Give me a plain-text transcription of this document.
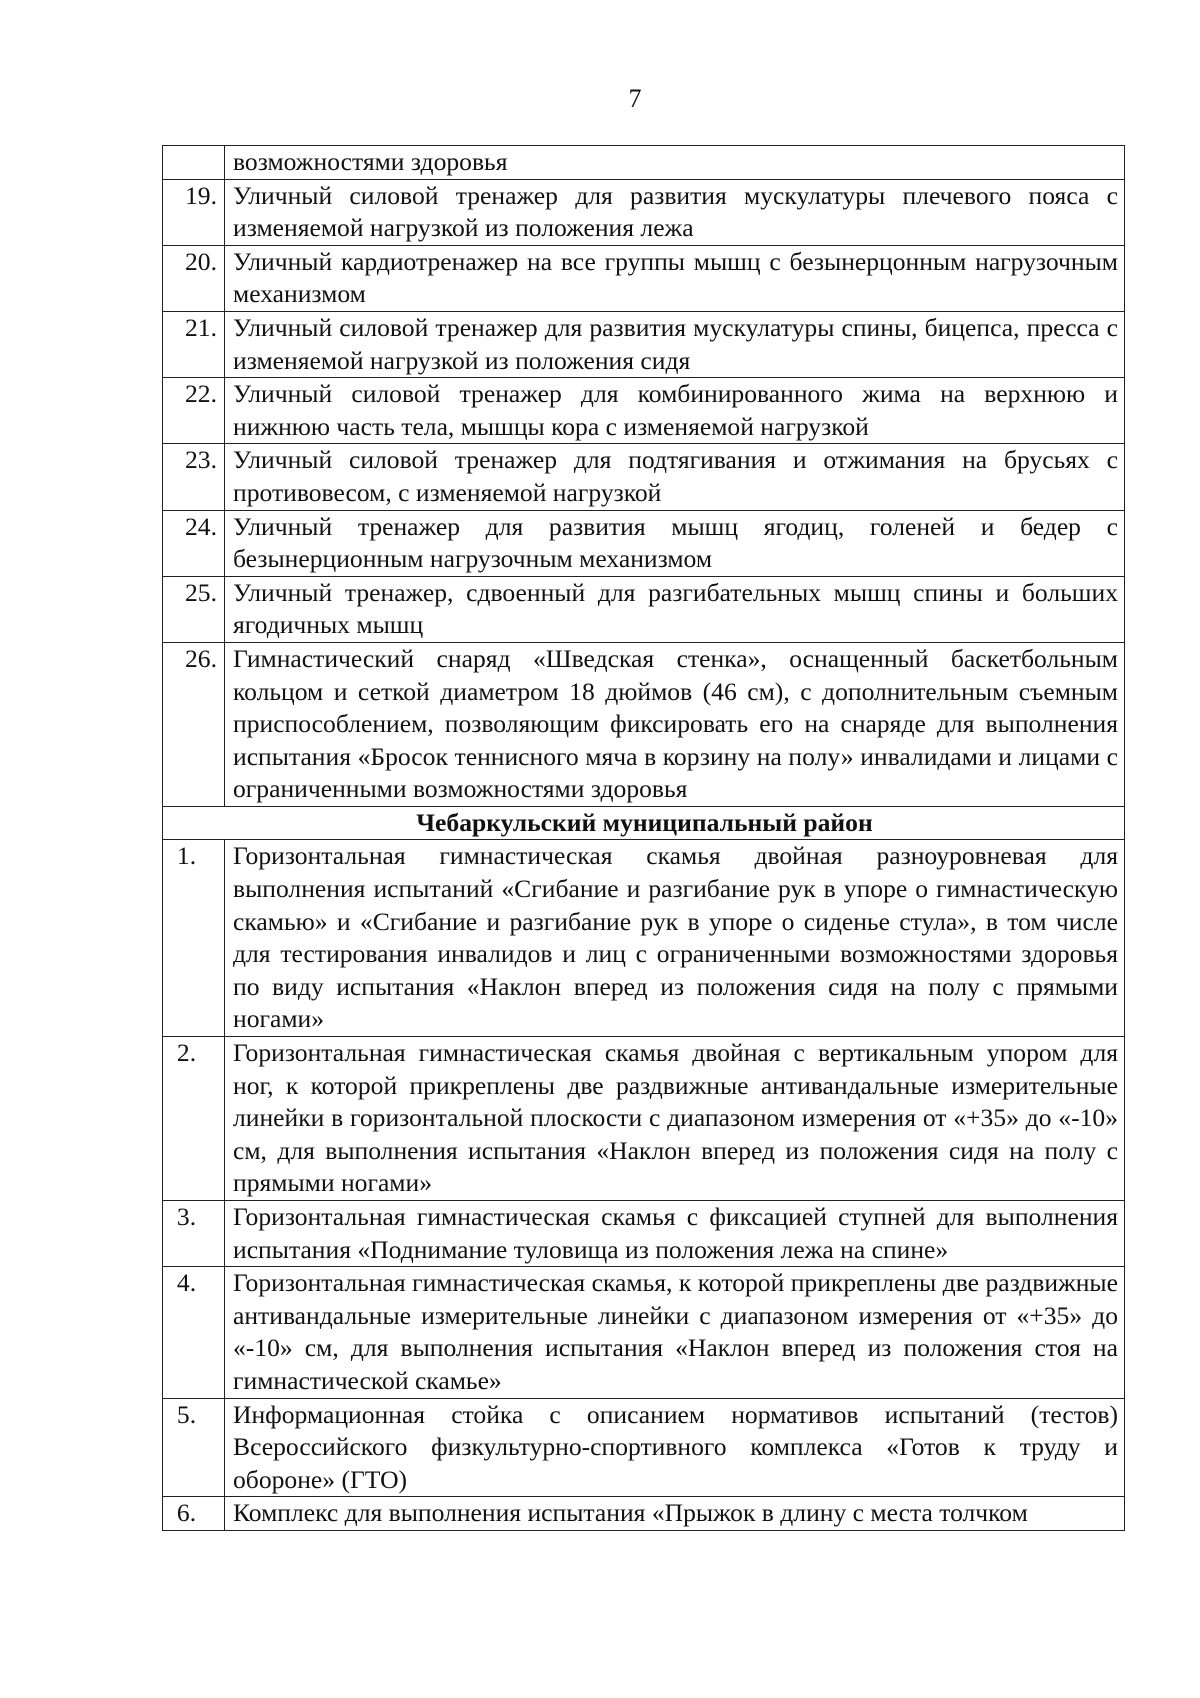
7
	возможностями здоровья
19.	Уличный силовой тренажер для развития мускулатуры плечевого пояса с изменяемой нагрузкой из положения лежа
20.	Уличный кардиотренажер на все группы мышц с безынерцонным нагрузочным механизмом
21.	Уличный силовой тренажер для развития мускулатуры спины, бицепса, пресса с изменяемой нагрузкой из положения сидя
22.	Уличный силовой тренажер для комбинированного жима на верхнюю и нижнюю часть тела, мышцы кора с изменяемой нагрузкой
23.	Уличный силовой тренажер для подтягивания и отжимания на брусьях с противовесом, с изменяемой нагрузкой
24.	Уличный тренажер для развития мышц ягодиц, голеней и бедер с безынерционным нагрузочным механизмом
25.	Уличный тренажер, сдвоенный для разгибательных мышц спины и больших ягодичных мышц
26.	Гимнастический снаряд «Шведская стенка», оснащенный баскетбольным кольцом и сеткой диаметром 18 дюймов (46 см), с дополнительным съемным приспособлением, позволяющим фиксировать его на снаряде для выполнения испытания «Бросок теннисного мяча в корзину на полу» инвалидами и лицами с ограниченными возможностями здоровья
Чебаркульский муниципальный район	
1.	Горизонтальная гимнастическая скамья двойная разноуровневая для выполнения испытаний «Сгибание и разгибание рук в упоре о гимнастическую скамью» и «Сгибание и разгибание рук в упоре о сиденье стула», в том числе для тестирования инвалидов и лиц с ограниченными возможностями здоровья по виду испытания «Наклон вперед из положения сидя на полу с прямыми ногами»
2.	Горизонтальная гимнастическая скамья двойная с вертикальным упором для ног, к которой прикреплены две раздвижные антивандальные измерительные линейки в горизонтальной плоскости с диапазоном измерения от «+35» до «-10» см, для выполнения испытания «Наклон вперед из положения сидя на полу с прямыми ногами»
3.	Горизонтальная гимнастическая скамья с фиксацией ступней для выполнения испытания «Поднимание туловища из положения лежа на спине»
4.	Горизонтальная гимнастическая скамья, к которой прикреплены две раздвижные антивандальные измерительные линейки с диапазоном измерения от «+35» до «-10» см, для выполнения испытания «Наклон вперед из положения стоя на гимнастической скамье»
5.	Информационная стойка с описанием нормативов испытаний (тестов) Всероссийского физкультурно-спортивного комплекса «Готов к труду и обороне» (ГТО)
6.	Комплекс для выполнения испытания «Прыжок в длину с места толчком
